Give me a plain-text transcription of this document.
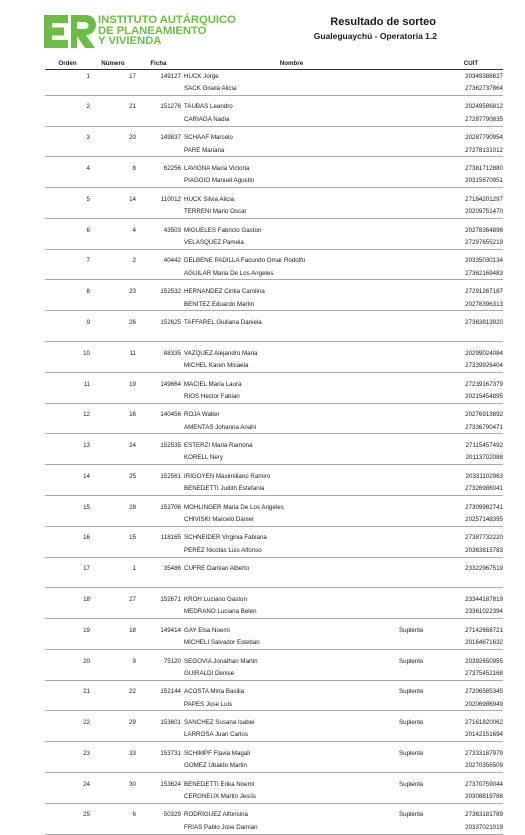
INSTITUTO AUTÁRQUICO
DE PLANEAMIENTO
Y VIVIENDA
Resultado de sorteo
Gualeguaychú - Operatoria 1.2
Orden	Número	Ficha	Nombre		CUIT
1	17	149127	HUCK Jorge		20349388627
			SACK Gisela Alicia		27362737864

2	21	151276	TAUBAS Leandro		20249586812
			CARIAGA Nadia		27287790835

3	20	149837	SCHAAF Marcelo		20287790954
			PARE Mariana		27278131012

4	8	62256	LAVIGNA Maria Victoria		27381712880
			PIAGGIO Manuel Agustin		20315670951

5	14	110012	HUCK Silvia Alicia		27184201297
			TERRENI Mario Oscar		20209751470

6	4	43503	MIGUELES Fabricio Gaston		20278364896
			VELASQUEZ Pamela		27297655219

7	2	40442	DELBENE PADILLA Facundo Omar Rodolfo		20335030134
			AGUILAR Maria De Los Angeles		27362169483

8	23	152532	HERNANDEZ Cintia Carolina		27291267187
			BENITEZ Eduardo Martin		20278396313

9	26	152625	TAFFAREL Giuliana Daniela		27363813920

10	11	88335	VAZQUEZ Alejandro Maria		20299024084
			MICHEL Karen Micaela		27339926404

11	19	149664	MACIEL Maria Laura		27239167379
			RIOS Hector Fabian		20215454895

12	16	140456	ROJA Walter		20276913892
			AMENTAS Johanna Anahi		27336790471

13	24	152535	ESTERZI Maria Ramona		27115457492
			KORELL Nery		20113702088

14	25	152561	IRIGOYEN Maximiliano Ramiro		20331102963
			BENEDETTI Judith Estefania		27326986041

15	28	152706	MOHLINGER Maria De Los Angeles		27309982741
			CHIVISKI Marcelo Daniel		20257148395

16	15	118165	SCHNEIDER Virginia Fabiana		27387732220
			PERÉZ Nicolás Luis Alfonso		20363815783

17	1	35486	CUFRE Damian Alberto		23322967519

18	27	152671	KROH Luciano Gaston		23344187819
			MEDRANO Luciana Belen		23361022394

19	18	149414	GAY Elsa Noemi	Suplente	27142668721
			MICHELI Salvador Esteban		20164671632

20	9	75120	SEGOVIA Jonathan Martin	Suplente	20392650955
			GUIRALDI Denise		27375452168

21	22	152144	ACOSTA Mirta Basilia	Suplente	27206585345
			PAPES Jose Luis		20206986949

22	29	153601	SANCHEZ Susana Isabel	Suplente	27161820062
			LARROSA Juan Carlos		20142151694

23	33	153731	SCHIMPF Flavia Magali	Suplente	27333187979
			GOMEZ Ubaldo Martin		20270356509

24	30	153624	BENEDETTI Erika Noemí	Suplente	27370759044
			CERGNEUX Martin Jesús		20308819788

25	6	50329	RODRIGUEZ Alfonsina	Suplente	27363181789
			FRIAS Pablo Jose Damian		20337021019
